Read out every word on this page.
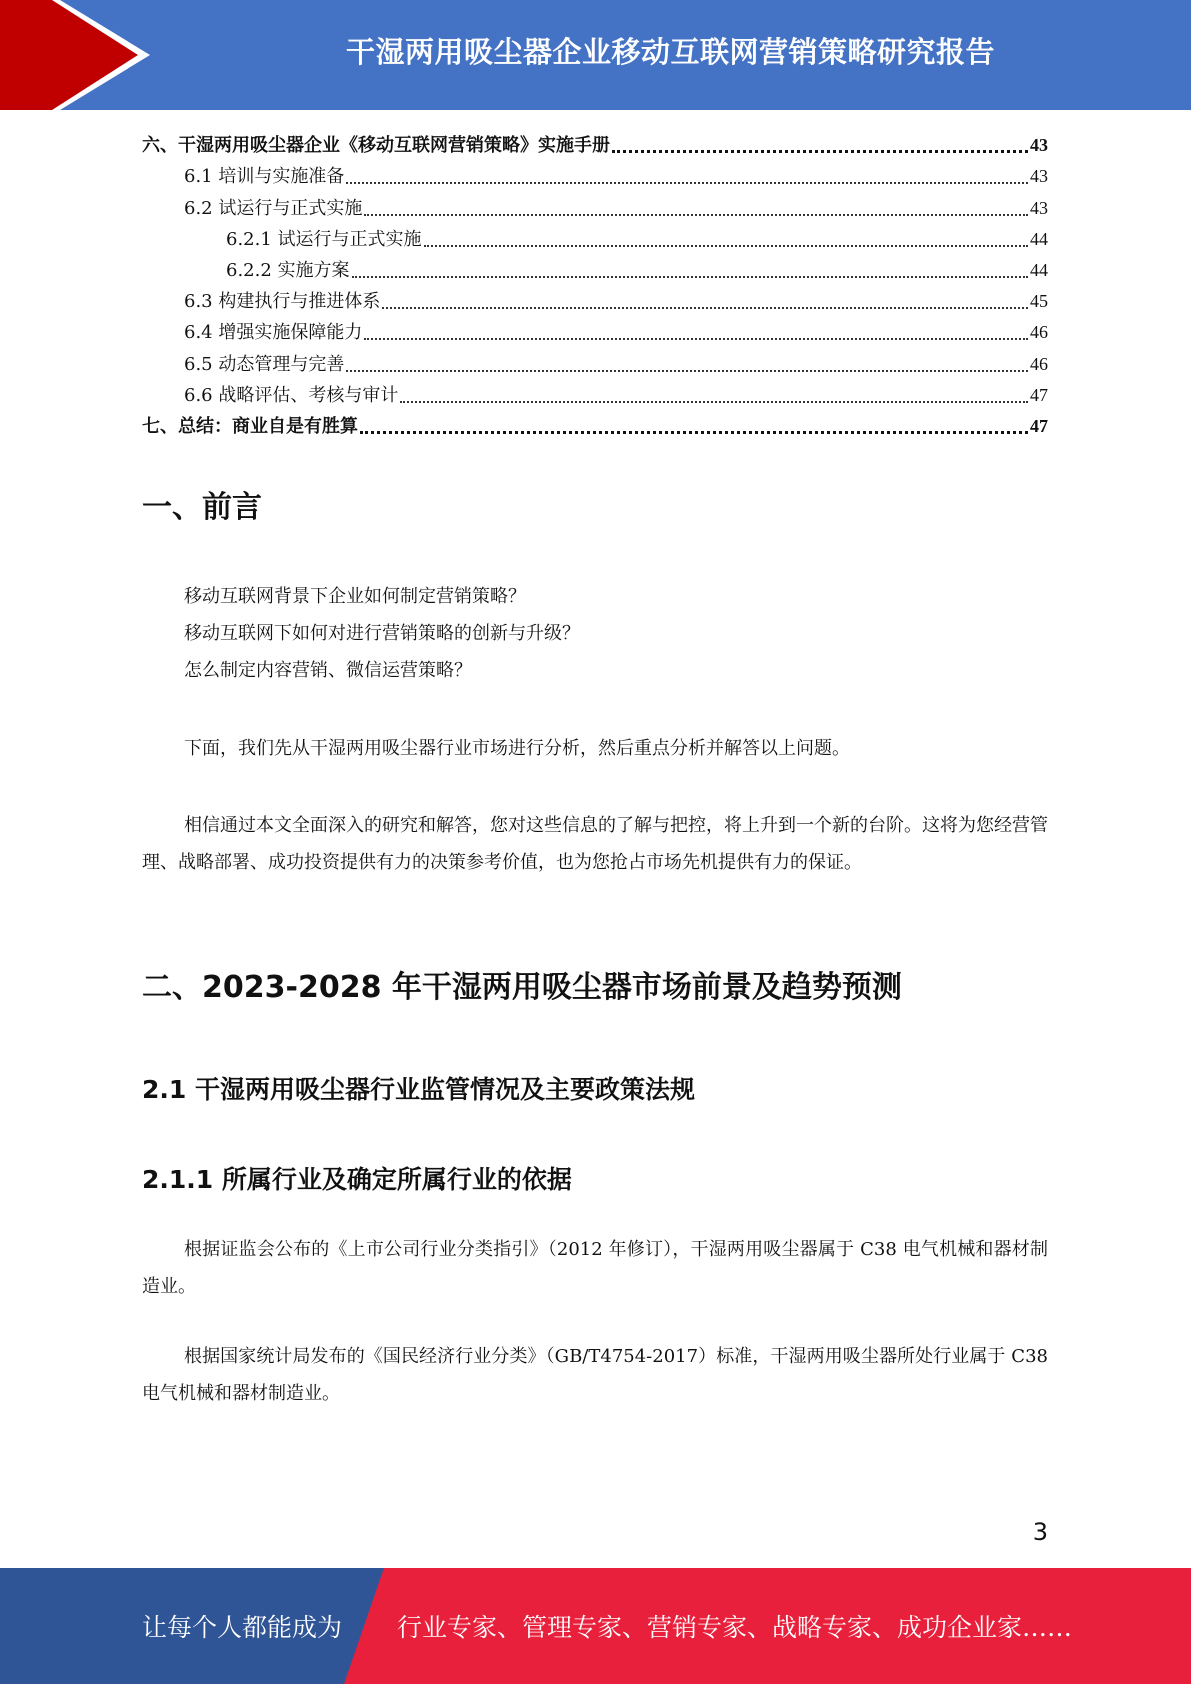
干湿两用吸尘器企业移动互联网营销策略研究报告
六、干湿两用吸尘器企业《移动互联网营销策略》实施手册	43
6.1 培训与实施准备	43
6.2 试运行与正式实施	43
6.2.1 试运行与正式实施	44
6.2.2 实施方案	44
6.3 构建执行与推进体系	45
6.4 增强实施保障能力	46
6.5 动态管理与完善	46
6.6 战略评估、考核与审计	47
七、总结：商业自是有胜算	47
一、前言

移动互联网背景下企业如何制定营销策略？
移动互联网下如何对进行营销策略的创新与升级？
怎么制定内容营销、微信运营策略？

下面，我们先从干湿两用吸尘器行业市场进行分析，然后重点分析并解答以上问题。

相信通过本文全面深入的研究和解答，您对这些信息的了解与把控，将上升到一个新的台阶。这将为您经营管理、战略部署、成功投资提供有力的决策参考价值，也为您抢占市场先机提供有力的保证。

二、2023-2028 年干湿两用吸尘器市场前景及趋势预测
2.1 干湿两用吸尘器行业监管情况及主要政策法规
2.1.1 所属行业及确定所属行业的依据

根据证监会公布的《上市公司行业分类指引》（2012 年修订），干湿两用吸尘器属于 C38 电气机械和器材制造业。

根据国家统计局发布的《国民经济行业分类》（GB/T4754-2017）标准，干湿两用吸尘器所处行业属于 C38 电气机械和器材制造业。

3
让每个人都能成为 行业专家、管理专家、营销专家、战略专家、成功企业家……
